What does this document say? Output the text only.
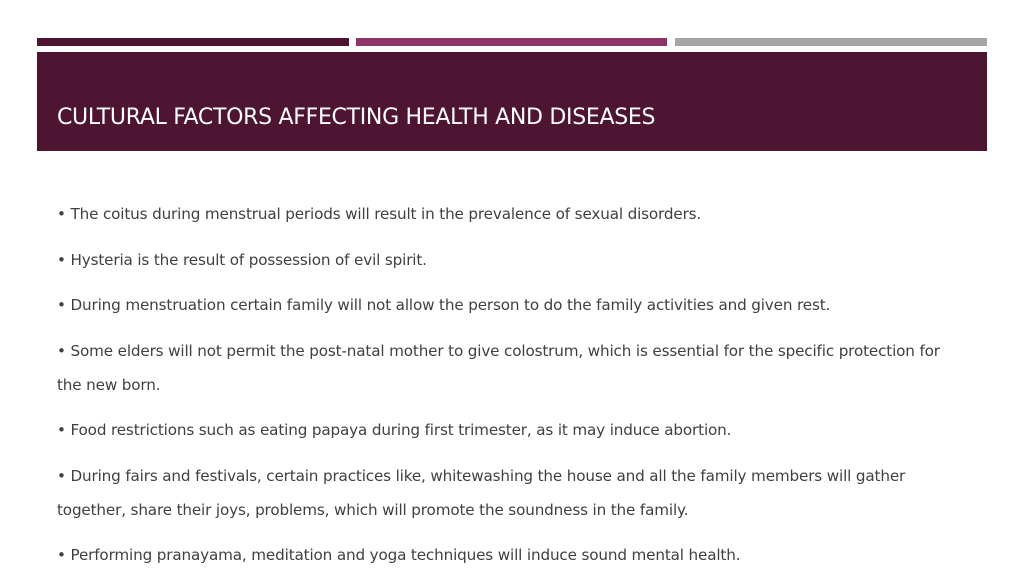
CULTURAL FACTORS AFFECTING HEALTH AND DISEASES
• The coitus during menstrual periods will result in the prevalence of sexual disorders.
• Hysteria is the result of possession of evil spirit.
• During menstruation certain family will not allow the person to do the family activities and given rest.
• Some elders will not permit the post-natal mother to give colostrum, which is essential for the specific protection for the new born.
• Food restrictions such as eating papaya during first trimester, as it may induce abortion.
• During fairs and festivals, certain practices like, whitewashing the house and all the family members will gather together, share their joys, problems, which will promote the soundness in the family.
• Performing pranayama, meditation and yoga techniques will induce sound mental health.
